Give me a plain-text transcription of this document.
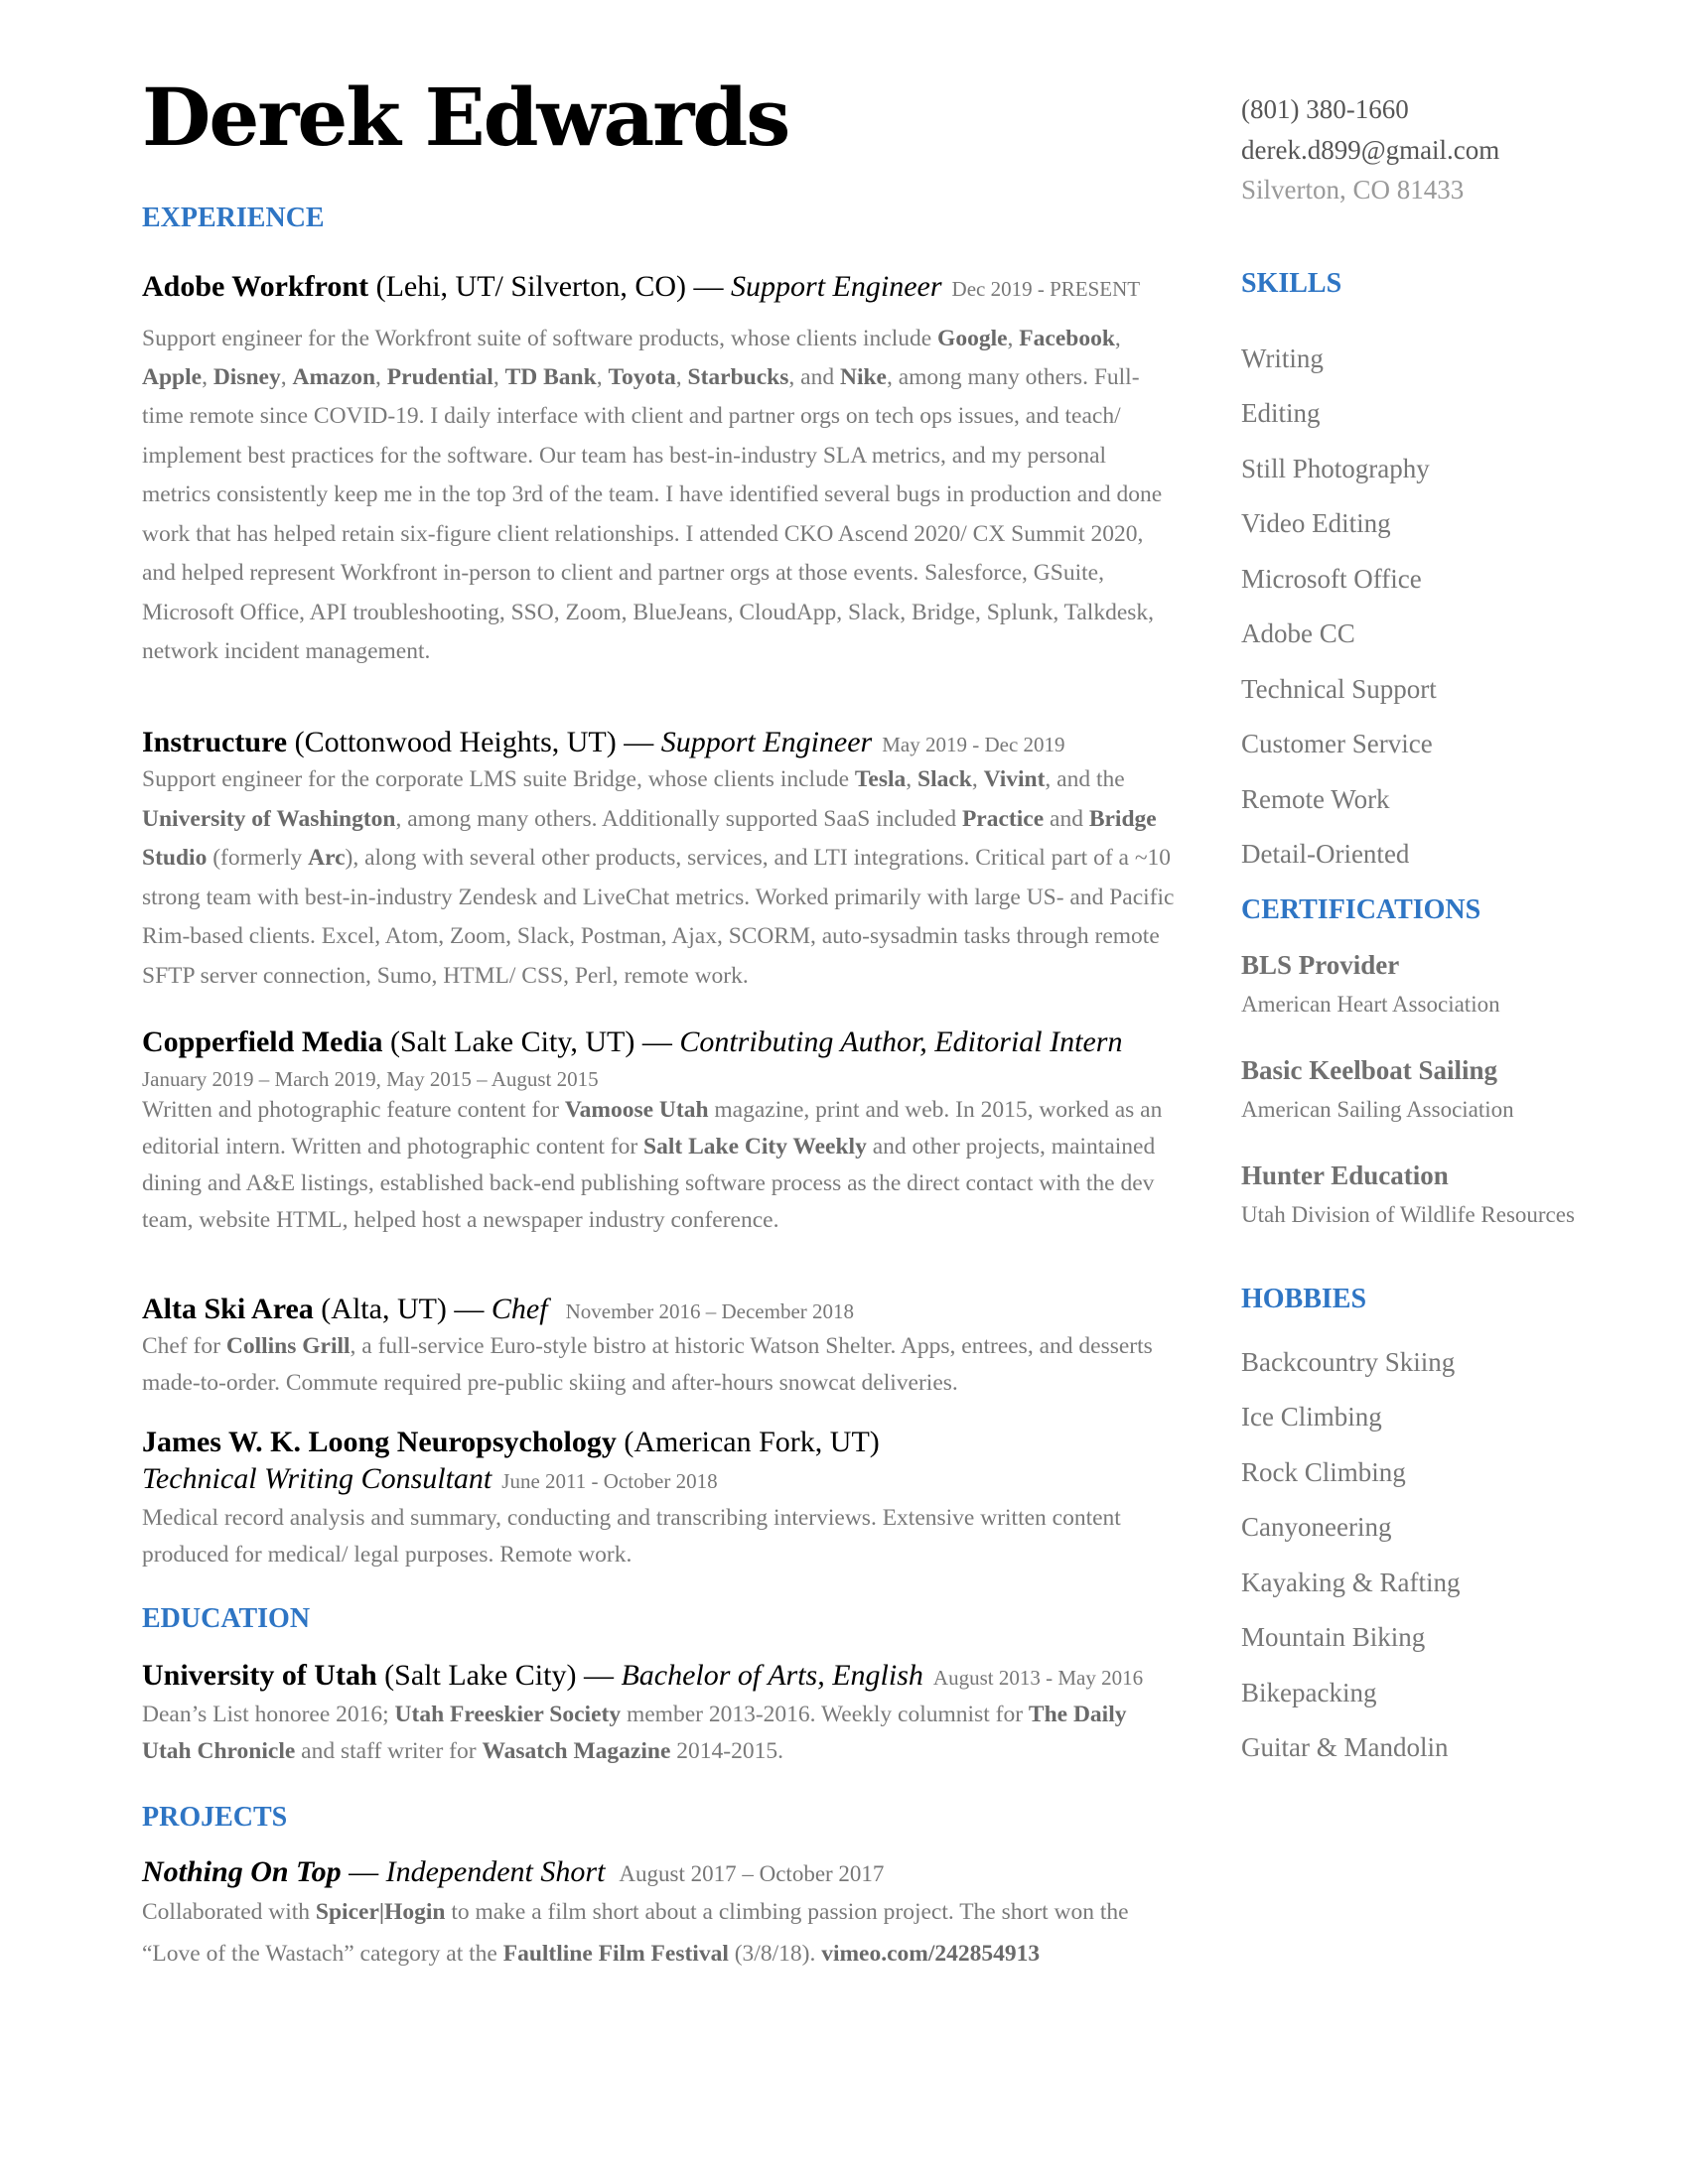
Derek Edwards
EXPERIENCE

Adobe Workfront (Lehi, UT/ Silverton, CO) — Support Engineer Dec 2019 - PRESENT

Support engineer for the Workfront suite of software products, whose clients include Google, Facebook, Apple, Disney, Amazon, Prudential, TD Bank, Toyota, Starbucks, and Nike, among many others. Full-time remote since COVID-19. I daily interface with client and partner orgs on tech ops issues, and teach/ implement best practices for the software. Our team has best-in-industry SLA metrics, and my personal metrics consistently keep me in the top 3rd of the team. I have identified several bugs in production and done work that has helped retain six-figure client relationships. I attended CKO Ascend 2020/ CX Summit 2020, and helped represent Workfront in-person to client and partner orgs at those events. Salesforce, GSuite, Microsoft Office, API troubleshooting, SSO, Zoom, BlueJeans, CloudApp, Slack, Bridge, Splunk, Talkdesk, network incident management.

Instructure (Cottonwood Heights, UT) — Support Engineer May 2019 - Dec 2019

Support engineer for the corporate LMS suite Bridge, whose clients include Tesla, Slack, Vivint, and the University of Washington, among many others. Additionally supported SaaS included Practice and Bridge Studio (formerly Arc), along with several other products, services, and LTI integrations. Critical part of a ~10 strong team with best-in-industry Zendesk and LiveChat metrics. Worked primarily with large US- and Pacific Rim-based clients. Excel, Atom, Zoom, Slack, Postman, Ajax, SCORM, auto-sysadmin tasks through remote SFTP server connection, Sumo, HTML/ CSS, Perl, remote work.

Copperfield Media (Salt Lake City, UT) — Contributing Author, Editorial Intern

January 2019 – March 2019, May 2015 – August 2015

Written and photographic feature content for Vamoose Utah magazine, print and web. In 2015, worked as an editorial intern. Written and photographic content for Salt Lake City Weekly and other projects, maintained dining and A&E listings, established back-end publishing software process as the direct contact with the dev team, website HTML, helped host a newspaper industry conference.

Alta Ski Area (Alta, UT) — Chef November 2016 – December 2018

Chef for Collins Grill, a full-service Euro-style bistro at historic Watson Shelter. Apps, entrees, and desserts made-to-order. Commute required pre-public skiing and after-hours snowcat deliveries.

James W. K. Loong Neuropsychology (American Fork, UT)

Technical Writing Consultant June 2011 - October 2018

Medical record analysis and summary, conducting and transcribing interviews. Extensive written content produced for medical/ legal purposes. Remote work.

EDUCATION

University of Utah (Salt Lake City) — Bachelor of Arts, English August 2013 - May 2016

Dean’s List honoree 2016; Utah Freeskier Society member 2013-2016. Weekly columnist for The Daily Utah Chronicle and staff writer for Wasatch Magazine 2014-2015.

PROJECTS

Nothing On Top — Independent Short August 2017 – October 2017

Collaborated with Spicer|Hogin to make a film short about a climbing passion project. The short won the “Love of the Wastach” category at the Faultline Film Festival (3/8/18). vimeo.com/242854913

(801) 380-1660
derek.d899@gmail.com
Silverton, CO 81433
SKILLS
Writing
Editing
Still Photography
Video Editing
Microsoft Office
Adobe CC
Technical Support
Customer Service
Remote Work
Detail-Oriented
CERTIFICATIONS
BLS Provider
American Heart Association
Basic Keelboat Sailing
American Sailing Association
Hunter Education
Utah Division of Wildlife Resources
HOBBIES
Backcountry Skiing
Ice Climbing
Rock Climbing
Canyoneering
Kayaking & Rafting
Mountain Biking
Bikepacking
Guitar & Mandolin
